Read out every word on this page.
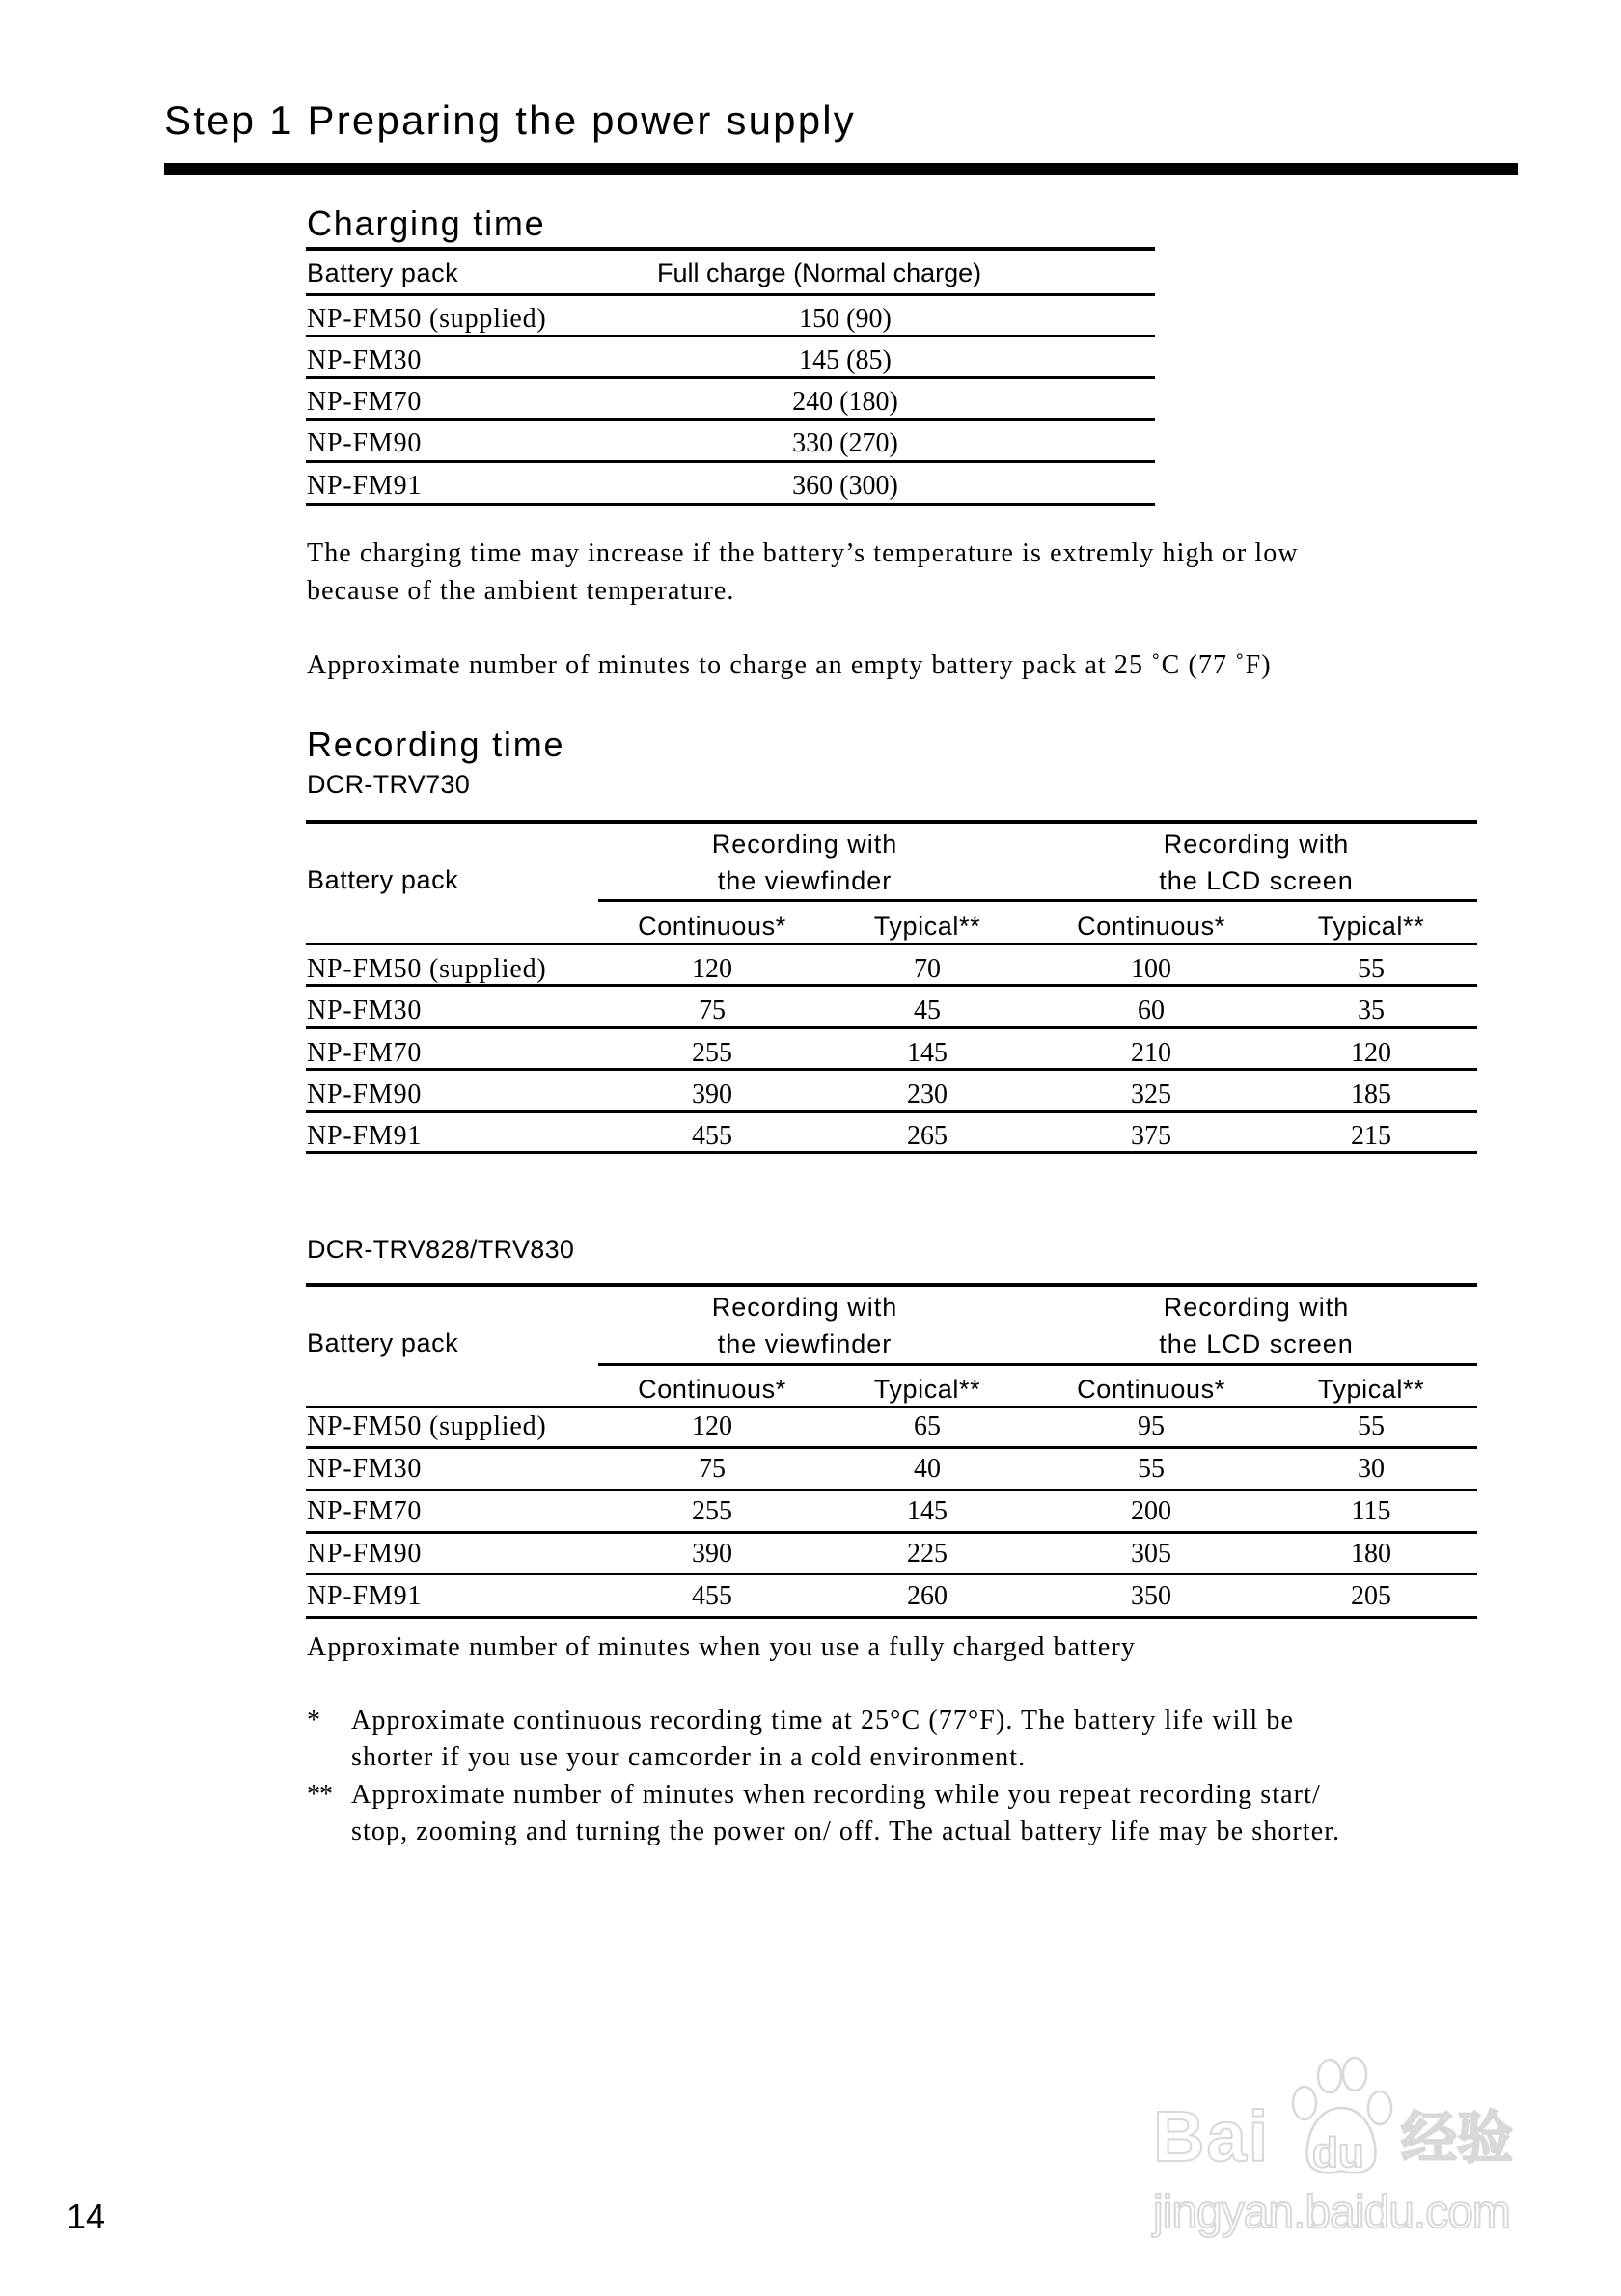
Step 1 Preparing the power supply
Charging time
Battery pack	Full charge (Normal charge)
NP-FM50 (supplied)	150 (90)
NP-FM30	145 (85)
NP-FM70	240 (180)
NP-FM90	330 (270)
NP-FM91	360 (300)
The charging time may increase if the battery’s temperature is extremly high or low
because of the ambient temperature.
Approximate number of minutes to charge an empty battery pack at 25 ˚C (77 ˚F)
Recording time
DCR-TRV730
Battery pack
Recording with
the viewfinder
Recording with
the LCD screen
Continuous*	Typical**	Continuous*	Typical**
NP-FM50 (supplied)	120	70	100	55
NP-FM30	75	45	60	35
NP-FM70	255	145	210	120
NP-FM90	390	230	325	185
NP-FM91	455	265	375	215
DCR-TRV828/TRV830
Battery pack
Recording with
the viewfinder
Recording with
the LCD screen
Continuous*	Typical**	Continuous*	Typical**
NP-FM50 (supplied)	120	65	95	55
NP-FM30	75	40	55	30
NP-FM70	255	145	200	115
NP-FM90	390	225	305	180
NP-FM91	455	260	350	205
Approximate number of minutes when you use a fully charged battery
* Approximate continuous recording time at 25°C (77°F). The battery life will be
shorter if you use your camcorder in a cold environment.
** Approximate number of minutes when recording while you repeat recording start/
stop, zooming and turning the power on/ off. The actual battery life may be shorter.
14
Bai du 经验
jingyan.baidu.com
